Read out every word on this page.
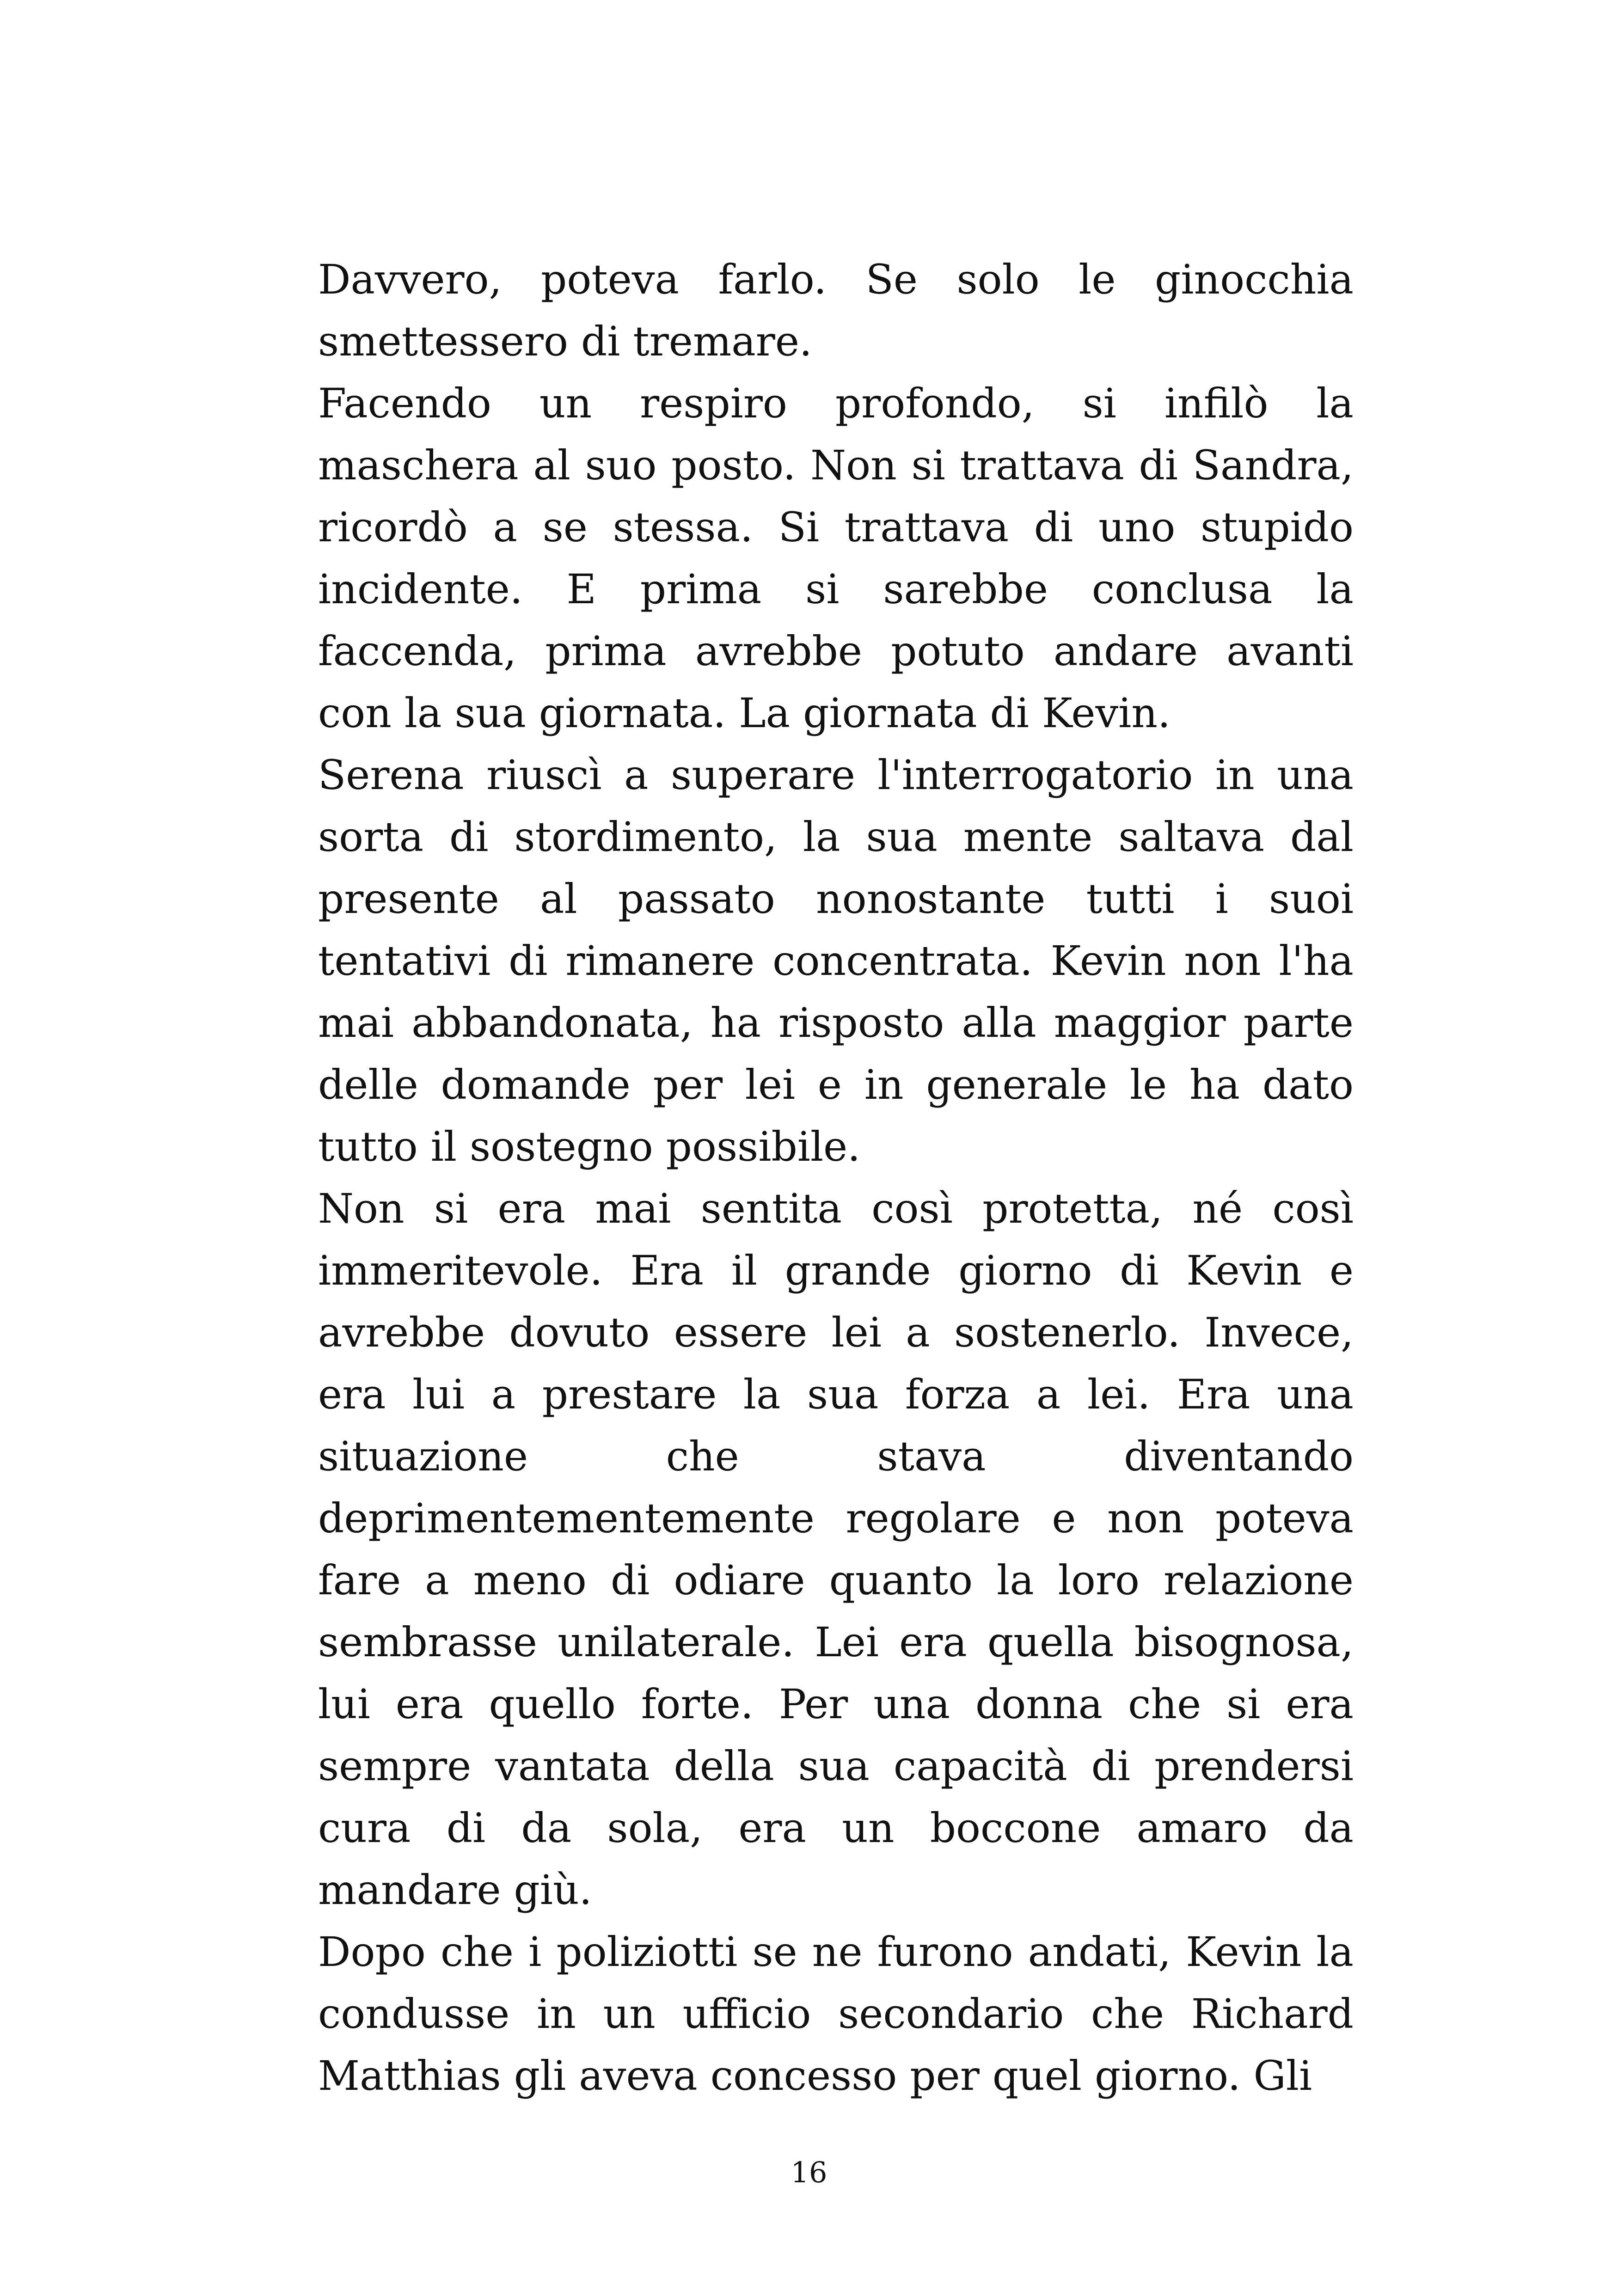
Davvero, poteva farlo. Se solo le ginocchia smettessero di tremare.

Facendo un respiro profondo, si infilò la maschera al suo posto. Non si trattava di Sandra, ricordò a se stessa. Si trattava di uno stupido incidente. E prima si sarebbe conclusa la faccenda, prima avrebbe potuto andare avanti con la sua giornata. La giornata di Kevin.

Serena riuscì a superare l'interrogatorio in una sorta di stordimento, la sua mente saltava dal presente al passato nonostante tutti i suoi tentativi di rimanere concentrata. Kevin non l'ha mai abbandonata, ha risposto alla maggior parte delle domande per lei e in generale le ha dato tutto il sostegno possibile.

Non si era mai sentita così protetta, né così immeritevole. Era il grande giorno di Kevin e avrebbe dovuto essere lei a sostenerlo. Invece, era lui a prestare la sua forza a lei. Era una situazione che stava diventando deprimentementemente regolare e non poteva fare a meno di odiare quanto la loro relazione sembrasse unilaterale. Lei era quella bisognosa, lui era quello forte. Per una donna che si era sempre vantata della sua capacità di prendersi cura di da sola, era un boccone amaro da mandare giù.

Dopo che i poliziotti se ne furono andati, Kevin la condusse in un ufficio secondario che Richard Matthias gli aveva concesso per quel giorno. Gli

16
